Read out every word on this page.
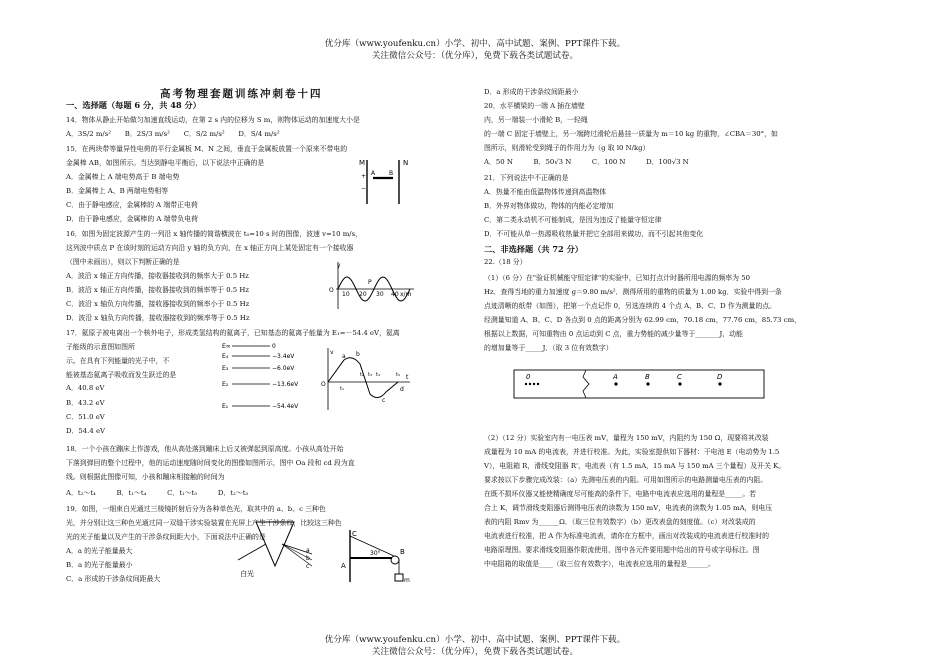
优分库（www.youfenku.cn）小学、初中、高中试题、案例、PPT课件下载。
关注微信公众号：（优分库），免费下载各类试题试卷。
优分库（www.youfenku.cn）小学、初中、高中试题、案例、PPT课件下载。
关注微信公众号：（优分库），免费下载各类试题试卷。
高考物理套题训练冲刺卷十四
一、选择题（每题 6 分，共 48 分）
14．物体从静止开始做匀加速直线运动，在第 2 s 内的位移为 S m，则物体运动的加速度大小是
A．3S/2 m/s²　　B．2S/3 m/s²　　C．S/2 m/s²　　D．S/4 m/s²
15．在两块带等量异性电荷的平行金属板 M、N 之间，垂直于金属板放置一个原来不带电的
金属棒 AB，如图所示。当达到静电平衡后，以下说法中正确的是
A．金属棒上 A 端电势高于 B 端电势
B．金属棒上 A、B 两端电势相等
C．由于静电感应，金属棒的 A 端带正电荷
D．由于静电感应，金属棒的 A 端带负电荷
16．如图为固定波源产生的一列沿 x 轴传播的简谐横波在 t₀=10 s 时的图像，波速 v=10 m/s，
这列波中质点 P 在该时刻的运动方向沿 y 轴的负方向，在 x 轴正方向上某处固定有一个接收器
（图中未画出），则以下判断正确的是
A．波沿 x 轴正方向传播，接收器接收到的频率大于 0.5 Hz
B．波沿 x 轴正方向传播，接收器接收到的频率等于 0.5 Hz
C．波沿 x 轴负方向传播，接收器接收到的频率小于 0.5 Hz
D．波沿 x 轴负方向传播，接收器接收到的频率等于 0.5 Hz
17．氦原子被电离出一个核外电子，形成类氢结构的氦离子，已知基态的氦离子能量为 E₁=－54.4 eV，氦离
子能级的示意图如图所
示。在具有下列能量的光子中，不
能被基态氦离子吸收而发生跃迁的是
A．40.8 eV
B．43.2 eV
C．51.0 eV
D．54.4 eV
18．一个小孩在蹦床上作游戏，他从高处落到蹦床上后又被弹起到原高度。小孩从高处开始
下落到弹回的整个过程中，他的运动速度随时间变化的图像如图所示，图中 Oa 段和 cd 段为直
线。则根据此图像可知，小孩和蹦床相接触的时间为
A．t₂～t₄　　　B．t₁～t₄　　　C．t₁～t₅　　　D．t₂～t₅
19．如图，一细束白光通过三棱镜折射后分为各种单色光，取其中的 a、b、c 三种色
光，并分别让这三种色光通过同一双缝干涉实验装置在光屏上产生干涉条纹，比较这三种色
光的光子能量以及产生的干涉条纹间距大小，下面说法中正确的是
A．a 的光子能量最大
B．a 的光子能量最小
C．a 形成的干涉条纹间距最大
D．a 形成的干涉条纹间距最小
20．水平横梁的一端 A 插在墙壁
内，另一端装一小滑轮 B，一轻绳
的一端 C 固定于墙壁上，另一端跨过滑轮后悬挂一质量为 m＝10 kg 的重物，∠CBA＝30°，如
图所示，则滑轮受到绳子的作用力为（g 取 l0 N/kg）
A．50 N　　　B．50√3 N　　　C．100 N　　　D．100√3 N
21．下列说法中不正确的是
A．热量不能由低温物体传递到高温物体
B．外界对物体做功，物体的内能必定增加
C．第二类永动机不可能制成，是因为违反了能量守恒定律
D．不可能从单一热源吸收热量并把它全部用来做功，而不引起其他变化
（1）（6 分）在"验证机械能守恒定律"的实验中，已知打点计时器所用电源的频率为 50
Hz．查得当地的重力加速度 g＝9.80 m/s²．测得所用的重物的质量为 1.00 kg．实验中得到一条
点迹清晰的纸带（如图），把第一个点记作 0，另选连续的 4 个点 A、B、C、D 作为测量的点。
经测量知道 A、B、C、D 各点到 0 点的距离分别为 62.99 cm，70.18 cm，77.76 cm，85.73 cm，
根据以上数据，可知重物由 0 点运动到 C 点，重力势能的减少量等于_______J，动能
的增加量等于_____J．（取 3 位有效数字）
（2）（12 分）实验室内有一电压表 mV，量程为 150 mV，内阻约为 150 Ω，现要将其改装
成量程为 10 mA 的电流表，并进行校准。为此，实验室提供如下器材：干电池 E（电动势为 1.5
V），电阻箱 R，滑线变阻器 R'，电流表（有 1.5 mA，15 mA 与 150 mA 三个量程）及开关 K。
要求按以下步骤完成改装：（a）先测电压表的内阻。可用如图所示的电路测量电压表的内阻。
在既不损坏仪器又能使精确度尽可能高的条件下，电路中电流表应选用的量程是_____。若
合上 K，调节滑线变阻器后测得电压表的读数为 150 mV，电流表的读数为 1.05 mA，则电压
表的内阻 Rmv 为______Ω．（取三位有效数字）（b）更改表盘的刻度值。（c）对改装成的
电流表进行校准，把 A 作为标准电流表，请你在方框中，画出对改装成的电流表进行校准时的
电路原理图。要求滑线变阻器作限流使用，图中各元件要用题中给出的符号或字母标注。图
中电阻箱的取值是____（取三位有效数字），电流表应选用的量程是______。
二、非选择题（共 72 分）
22.（18 分）
M	N
A B
+
−
y
O
10 20 30 40 x/m
P
E∞	0
E₄	−3.4eV
E₃	−6.0eV
E₂	−13.6eV
E₁	−54.4eV
v
O
a b
c
d
t
t₁
t₂ t₃ t₄	t₅
白光
a
b
c
C
A
B
30°
m
0	A	B	C	D
